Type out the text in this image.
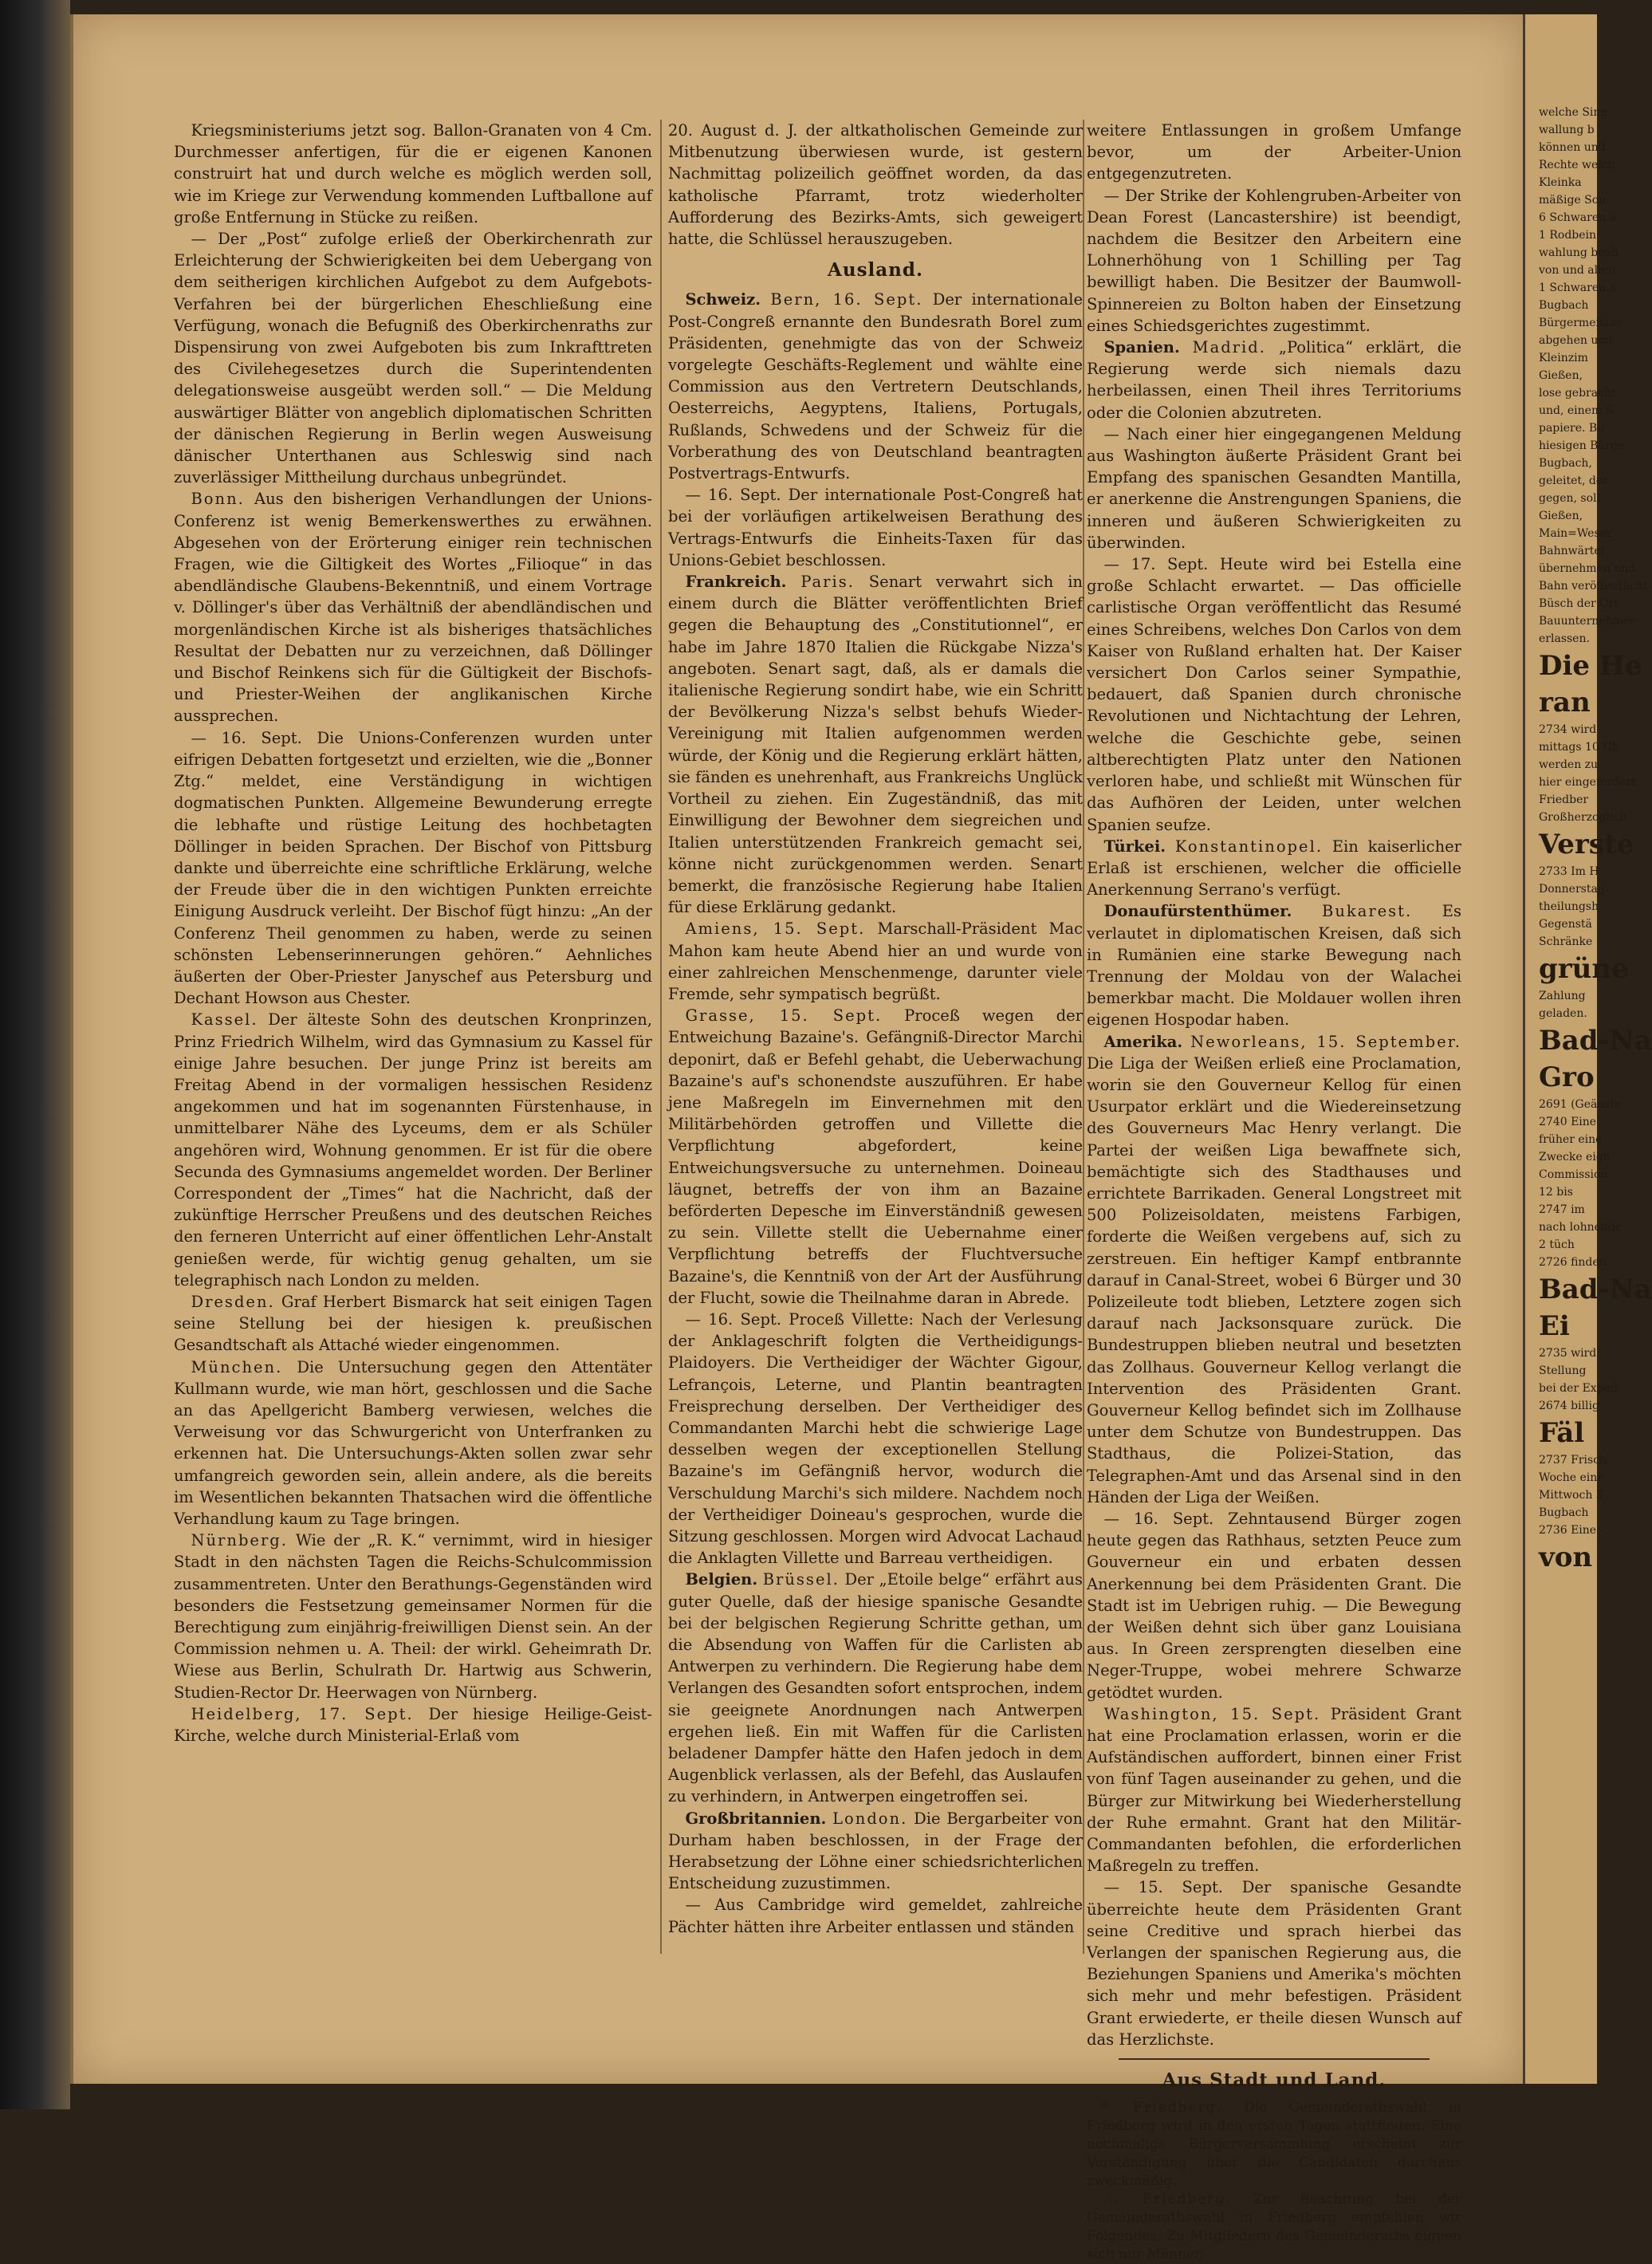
Kriegsministeriums jetzt sog. Ballon-Granaten von 4 Cm. Durchmesser anfertigen, für die er eigenen Kanonen construirt hat und durch welche es möglich werden soll, wie im Kriege zur Verwendung kommenden Luftballone auf große Entfernung in Stücke zu reißen.

— Der „Post“ zufolge erließ der Oberkirchenrath zur Erleichterung der Schwierigkeiten bei dem Uebergang von dem seitherigen kirchlichen Aufgebot zu dem Aufgebots-Verfahren bei der bürgerlichen Eheschließung eine Verfügung, wonach die Befugniß des Oberkirchenraths zur Dispensirung von zwei Aufgeboten bis zum Inkrafttreten des Civilehegesetzes durch die Superintendenten delegationsweise ausgeübt werden soll.“ — Die Meldung auswärtiger Blätter von angeblich diplomatischen Schritten der dänischen Regierung in Berlin wegen Ausweisung dänischer Unterthanen aus Schleswig sind nach zuverlässiger Mittheilung durchaus unbegründet.

Bonn. Aus den bisherigen Verhandlungen der Unions-Conferenz ist wenig Bemerkenswerthes zu erwähnen. Abgesehen von der Erörterung einiger rein technischen Fragen, wie die Giltigkeit des Wortes „Filioque“ in das abendländische Glaubens-Bekenntniß, und einem Vortrage v. Döllinger's über das Verhältniß der abendländischen und morgenländischen Kirche ist als bisheriges thatsächliches Resultat der Debatten nur zu verzeichnen, daß Döllinger und Bischof Reinkens sich für die Gültigkeit der Bischofs- und Priester-Weihen der anglikanischen Kirche aussprechen.

— 16. Sept. Die Unions-Conferenzen wurden unter eifrigen Debatten fortgesetzt und erzielten, wie die „Bonner Ztg.“ meldet, eine Verständigung in wichtigen dogmatischen Punkten. Allgemeine Bewunderung erregte die lebhafte und rüstige Leitung des hochbetagten Döllinger in beiden Sprachen. Der Bischof von Pittsburg dankte und überreichte eine schriftliche Erklärung, welche der Freude über die in den wichtigen Punkten erreichte Einigung Ausdruck verleiht. Der Bischof fügt hinzu: „An der Conferenz Theil genommen zu haben, werde zu seinen schönsten Lebenserinnerungen gehören.“ Aehnliches äußerten der Ober-Priester Janyschef aus Petersburg und Dechant Howson aus Chester.

Kassel. Der älteste Sohn des deutschen Kronprinzen, Prinz Friedrich Wilhelm, wird das Gymnasium zu Kassel für einige Jahre besuchen. Der junge Prinz ist bereits am Freitag Abend in der vormaligen hessischen Residenz angekommen und hat im sogenannten Fürstenhause, in unmittelbarer Nähe des Lyceums, dem er als Schüler angehören wird, Wohnung genommen. Er ist für die obere Secunda des Gymnasiums angemeldet worden. Der Berliner Correspondent der „Times“ hat die Nachricht, daß der zukünftige Herrscher Preußens und des deutschen Reiches den ferneren Unterricht auf einer öffentlichen Lehr-Anstalt genießen werde, für wichtig genug gehalten, um sie telegraphisch nach London zu melden.

Dresden. Graf Herbert Bismarck hat seit einigen Tagen seine Stellung bei der hiesigen k. preußischen Gesandtschaft als Attaché wieder eingenommen.

München. Die Untersuchung gegen den Attentäter Kullmann wurde, wie man hört, geschlossen und die Sache an das Apellgericht Bamberg verwiesen, welches die Verweisung vor das Schwurgericht von Unterfranken zu erkennen hat. Die Untersuchungs-Akten sollen zwar sehr umfangreich geworden sein, allein andere, als die bereits im Wesentlichen bekannten Thatsachen wird die öffentliche Verhandlung kaum zu Tage bringen.

Nürnberg. Wie der „R. K.“ vernimmt, wird in hiesiger Stadt in den nächsten Tagen die Reichs-Schulcommission zusammentreten. Unter den Berathungs-Gegenständen wird besonders die Festsetzung gemeinsamer Normen für die Berechtigung zum einjährig-freiwilligen Dienst sein. An der Commission nehmen u. A. Theil: der wirkl. Geheimrath Dr. Wiese aus Berlin, Schulrath Dr. Hartwig aus Schwerin, Studien-Rector Dr. Heerwagen von Nürnberg.

Heidelberg, 17. Sept. Der hiesige Heilige-Geist-Kirche, welche durch Ministerial-Erlaß vom

20. August d. J. der altkatholischen Gemeinde zur Mitbenutzung überwiesen wurde, ist gestern Nachmittag polizeilich geöffnet worden, da das katholische Pfarramt, trotz wiederholter Aufforderung des Bezirks-Amts, sich geweigert hatte, die Schlüssel herauszugeben.

Ausland.

Schweiz. Bern, 16. Sept. Der internationale Post-Congreß ernannte den Bundesrath Borel zum Präsidenten, genehmigte das von der Schweiz vorgelegte Geschäfts-Reglement und wählte eine Commission aus den Vertretern Deutschlands, Oesterreichs, Aegyptens, Italiens, Portugals, Rußlands, Schwedens und der Schweiz für die Vorberathung des von Deutschland beantragten Postvertrags-Entwurfs.

— 16. Sept. Der internationale Post-Congreß hat bei der vorläufigen artikelweisen Berathung des Vertrags-Entwurfs die Einheits-Taxen für das Unions-Gebiet beschlossen.

Frankreich. Paris. Senart verwahrt sich in einem durch die Blätter veröffentlichten Brief gegen die Behauptung des „Constitutionnel“, er habe im Jahre 1870 Italien die Rückgabe Nizza's angeboten. Senart sagt, daß, als er damals die italienische Regierung sondirt habe, wie ein Schritt der Bevölkerung Nizza's selbst behufs Wieder-Vereinigung mit Italien aufgenommen werden würde, der König und die Regierung erklärt hätten, sie fänden es unehrenhaft, aus Frankreichs Unglück Vortheil zu ziehen. Ein Zugeständniß, das mit Einwilligung der Bewohner dem siegreichen und Italien unterstützenden Frankreich gemacht sei, könne nicht zurückgenommen werden. Senart bemerkt, die französische Regierung habe Italien für diese Erklärung gedankt.

Amiens, 15. Sept. Marschall-Präsident Mac Mahon kam heute Abend hier an und wurde von einer zahlreichen Menschenmenge, darunter viele Fremde, sehr sympatisch begrüßt.

Grasse, 15. Sept. Proceß wegen der Entweichung Bazaine's. Gefängniß-Director Marchi deponirt, daß er Befehl gehabt, die Ueberwachung Bazaine's auf's schonendste auszuführen. Er habe jene Maßregeln im Einvernehmen mit den Militärbehörden getroffen und Villette die Verpflichtung abgefordert, keine Entweichungsversuche zu unternehmen. Doineau läugnet, betreffs der von ihm an Bazaine beförderten Depesche im Einverständniß gewesen zu sein. Villette stellt die Uebernahme einer Verpflichtung betreffs der Fluchtversuche Bazaine's, die Kenntniß von der Art der Ausführung der Flucht, sowie die Theilnahme daran in Abrede.

— 16. Sept. Proceß Villette: Nach der Verlesung der Anklageschrift folgten die Vertheidigungs-Plaidoyers. Die Vertheidiger der Wächter Gigour, Lefrançois, Leterne, und Plantin beantragten Freisprechung derselben. Der Vertheidiger des Commandanten Marchi hebt die schwierige Lage desselben wegen der exceptionellen Stellung Bazaine's im Gefängniß hervor, wodurch die Verschuldung Marchi's sich mildere. Nachdem noch der Vertheidiger Doineau's gesprochen, wurde die Sitzung geschlossen. Morgen wird Advocat Lachaud die Anklagten Villette und Barreau vertheidigen.

Belgien. Brüssel. Der „Etoile belge“ erfährt aus guter Quelle, daß der hiesige spanische Gesandte bei der belgischen Regierung Schritte gethan, um die Absendung von Waffen für die Carlisten ab Antwerpen zu verhindern. Die Regierung habe dem Verlangen des Gesandten sofort entsprochen, indem sie geeignete Anordnungen nach Antwerpen ergehen ließ. Ein mit Waffen für die Carlisten beladener Dampfer hätte den Hafen jedoch in dem Augenblick verlassen, als der Befehl, das Auslaufen zu verhindern, in Antwerpen eingetroffen sei.

Großbritannien. London. Die Bergarbeiter von Durham haben beschlossen, in der Frage der Herabsetzung der Löhne einer schiedsrichterlichen Entscheidung zuzustimmen.

— Aus Cambridge wird gemeldet, zahlreiche Pächter hätten ihre Arbeiter entlassen und ständen

weitere Entlassungen in großem Umfange bevor, um der Arbeiter-Union entgegenzutreten.

— Der Strike der Kohlengruben-Arbeiter von Dean Forest (Lancastershire) ist beendigt, nachdem die Besitzer den Arbeitern eine Lohnerhöhung von 1 Schilling per Tag bewilligt haben. Die Besitzer der Baumwoll-Spinnereien zu Bolton haben der Einsetzung eines Schiedsgerichtes zugestimmt.

Spanien. Madrid. „Politica“ erklärt, die Regierung werde sich niemals dazu herbeilassen, einen Theil ihres Territoriums oder die Colonien abzutreten.

— Nach einer hier eingegangenen Meldung aus Washington äußerte Präsident Grant bei Empfang des spanischen Gesandten Mantilla, er anerkenne die Anstrengungen Spaniens, die inneren und äußeren Schwierigkeiten zu überwinden.

— 17. Sept. Heute wird bei Estella eine große Schlacht erwartet. — Das officielle carlistische Organ veröffentlicht das Resumé eines Schreibens, welches Don Carlos von dem Kaiser von Rußland erhalten hat. Der Kaiser versichert Don Carlos seiner Sympathie, bedauert, daß Spanien durch chronische Revolutionen und Nichtachtung der Lehren, welche die Geschichte gebe, seinen altberechtigten Platz unter den Nationen verloren habe, und schließt mit Wünschen für das Aufhören der Leiden, unter welchen Spanien seufze.

Türkei. Konstantinopel. Ein kaiserlicher Erlaß ist erschienen, welcher die officielle Anerkennung Serrano's verfügt.

Donaufürstenthümer. Bukarest. Es verlautet in diplomatischen Kreisen, daß sich in Rumänien eine starke Bewegung nach Trennung der Moldau von der Walachei bemerkbar macht. Die Moldauer wollen ihren eigenen Hospodar haben.

Amerika. Neworleans, 15. September. Die Liga der Weißen erließ eine Proclamation, worin sie den Gouverneur Kellog für einen Usurpator erklärt und die Wiedereinsetzung des Gouverneurs Mac Henry verlangt. Die Partei der weißen Liga bewaffnete sich, bemächtigte sich des Stadthauses und errichtete Barrikaden. General Longstreet mit 500 Polizeisoldaten, meistens Farbigen, forderte die Weißen vergebens auf, sich zu zerstreuen. Ein heftiger Kampf entbrannte darauf in Canal-Street, wobei 6 Bürger und 30 Polizeileute todt blieben, Letztere zogen sich darauf nach Jacksonsquare zurück. Die Bundestruppen blieben neutral und besetzten das Zollhaus. Gouverneur Kellog verlangt die Intervention des Präsidenten Grant. Gouverneur Kellog befindet sich im Zollhause unter dem Schutze von Bundestruppen. Das Stadthaus, die Polizei-Station, das Telegraphen-Amt und das Arsenal sind in den Händen der Liga der Weißen.

— 16. Sept. Zehntausend Bürger zogen heute gegen das Rathhaus, setzten Peuce zum Gouverneur ein und erbaten dessen Anerkennung bei dem Präsidenten Grant. Die Stadt ist im Uebrigen ruhig. — Die Bewegung der Weißen dehnt sich über ganz Louisiana aus. In Green zersprengten dieselben eine Neger-Truppe, wobei mehrere Schwarze getödtet wurden.

Washington, 15. Sept. Präsident Grant hat eine Proclamation erlassen, worin er die Aufständischen auffordert, binnen einer Frist von fünf Tagen auseinander zu gehen, und die Bürger zur Mitwirkung bei Wiederherstellung der Ruhe ermahnt. Grant hat den Militär-Commandanten befohlen, die erforderlichen Maßregeln zu treffen.

— 15. Sept. Der spanische Gesandte überreichte heute dem Präsidenten Grant seine Creditive und sprach hierbei das Verlangen der spanischen Regierung aus, die Beziehungen Spaniens und Amerika's möchten sich mehr und mehr befestigen. Präsident Grant erwiederte, er theile diesen Wunsch auf das Herzlichste.

Aus Stadt und Land.

* Friedberg. Die Gemeinderathswahl in Friedberg wird in den ersten Tagen stattfinden. Eine nochmalige Bürgerversammlung erscheint zur Verständigung über die Candidaten durchaus zweckmäßig.

.·. Friedberg. Zur Beachtung bei der Gemeinderathswahl in Friedberg empfehlen wir Folgendes: Zu Mitgliedern des Gemeinderaths eignen sich nur Männer,

welche Sinn
wallung b
können und
Rechte welch
Kleinka
mäßige Sou
6 Schwaren a
1 Rodbein
wahlung beab
von und allen
1 Schwaren a
Bugbach
Bürgermeister
abgehen und
Kleinzim
Gießen,
lose gebracht
und, einem S
papiere. Bu
hiesigen Bürge
Bugbach,
geleitet, der
gegen, soll
Gießen,
Main=Weser
Bahnwärter
übernehmen und
Bahn veröffentlicht
Büsch der Ort
Bauunternehmer
erlassen.
Die He
ran
2734 wird
mittags 10 Uh
werden zu
hier eingefordert
Friedber
Großherzoglich
Verste
2733 Im H
Donnerstag
theilungsh
Gegenstä
Schränke
grüne
Zahlung
geladen.
Bad-Na
Gro
2691 (Geänste
2740 Eine
früher eine
Zwecke eign
Commission
12 bis
2747 im
nach lohnende
2 tüch
2726 finden
Bad-Na
Ei
2735 wird
Stellung
bei der Exped
2674 billig
Fäl
2737 Frisch
Woche eine
Mittwoch 3
Bugbach
2736 Eine
von
